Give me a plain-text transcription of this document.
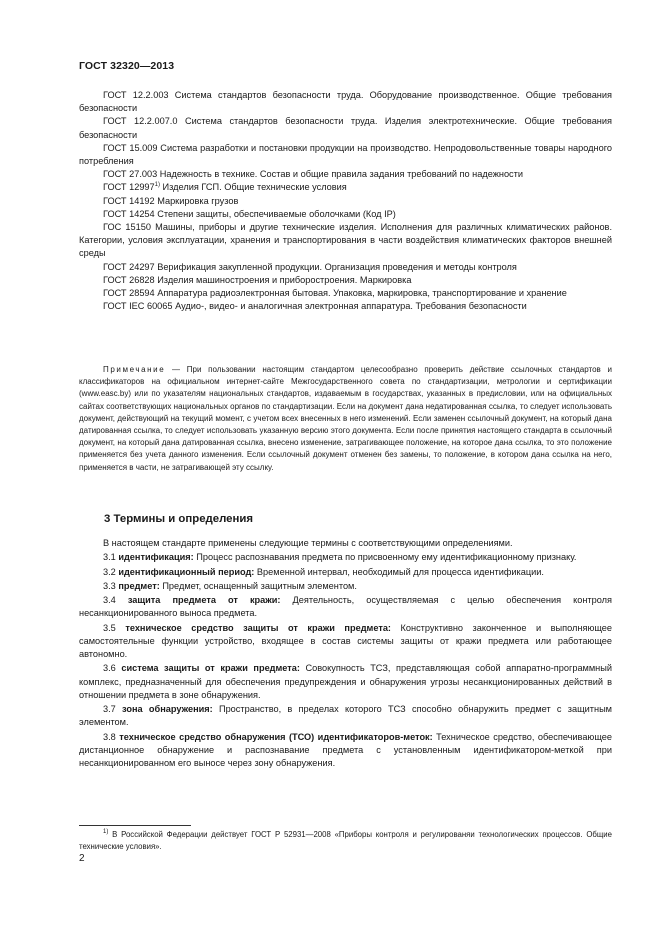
ГОСТ 32320—2013

ГОСТ 12.2.003 Система стандартов безопасности труда. Оборудование производственное. Общие требования безопасности

ГОСТ 12.2.007.0 Система стандартов безопасности труда. Изделия электротехнические. Общие требования безопасности

ГОСТ 15.009 Система разработки и постановки продукции на производство. Непродовольственные товары народного потребления

ГОСТ 27.003 Надежность в технике. Состав и общие правила задания требований по надежности

ГОСТ 12997$^{1)}$ Изделия ГСП. Общие технические условия

ГОСТ 14192 Маркировка грузов

ГОСТ 14254 Степени защиты, обеспечиваемые оболочками (Код IP)

ГОС 15150 Машины, приборы и другие технические изделия. Исполнения для различных климатических районов. Категории, условия эксплуатации, хранения и транспортирования в части воздействия климатических факторов внешней среды

ГОСТ 24297 Верификация закупленной продукции. Организация проведения и методы контроля

ГОСТ 26828 Изделия машиностроения и приборостроения. Маркировка

ГОСТ 28594 Аппаратура радиоэлектронная бытовая. Упаковка, маркировка, транспортирование и хранение

ГОСТ IEC 60065 Аудио-, видео- и аналогичная электронная аппаратура. Требования безопасности

Примечание — При пользовании настоящим стандартом целесообразно проверить действие ссылочных стандартов и классификаторов на официальном интернет-сайте Межгосударственного совета по стандартизации, метрологии и сертификации (www.easc.by) или по указателям национальных стандартов, издаваемым в государствах, указанных в предисловии, или на официальных сайтах соответствующих национальных органов по стандартизации. Если на документ дана недатированная ссылка, то следует использовать документ, действующий на текущий момент, с учетом всех внесенных в него изменений. Если заменен ссылочный документ, на который дана датированная ссылка, то следует использовать указанную версию этого документа. Если после принятия настоящего стандарта в ссылочный документ, на который дана датированная ссылка, внесено изменение, затрагивающее положение, на которое дана ссылка, то это положение применяется без учета данного изменения. Если ссылочный документ отменен без замены, то положение, в котором дана ссылка на него, применяется в части, не затрагивающей эту ссылку.

3 Термины и определения

В настоящем стандарте применены следующие термины с соответствующими определениями.

3.1 идентификация: Процесс распознавания предмета по присвоенному ему идентификационному признаку.

3.2 идентификационный период: Временной интервал, необходимый для процесса идентификации.

3.3 предмет: Предмет, оснащенный защитным элементом.

3.4 защита предмета от кражи: Деятельность, осуществляемая с целью обеспечения контроля несанкционированного выноса предмета.

3.5 техническое средство защиты от кражи предмета: Конструктивно законченное и выполняющее самостоятельные функции устройство, входящее в состав системы защиты от кражи предмета или работающее автономно.

3.6 система защиты от кражи предмета: Совокупность ТСЗ, представляющая собой аппаратно-программный комплекс, предназначенный для обеспечения предупреждения и обнаружения угрозы несанкционированных действий в отношении предмета в зоне обнаружения.

3.7 зона обнаружения: Пространство, в пределах которого ТСЗ способно обнаружить предмет с защитным элементом.

3.8 техническое средство обнаружения (ТСО) идентификаторов-меток: Техническое средство, обеспечивающее дистанционное обнаружение и распознавание предмета с установленным идентификатором-меткой при несанкционированном его выносе через зону обнаружения.

$^{1)}$ В Российской Федерации действует ГОСТ Р 52931—2008 «Приборы контроля и регулированяи технологических процессов. Общие технические условия».

2
